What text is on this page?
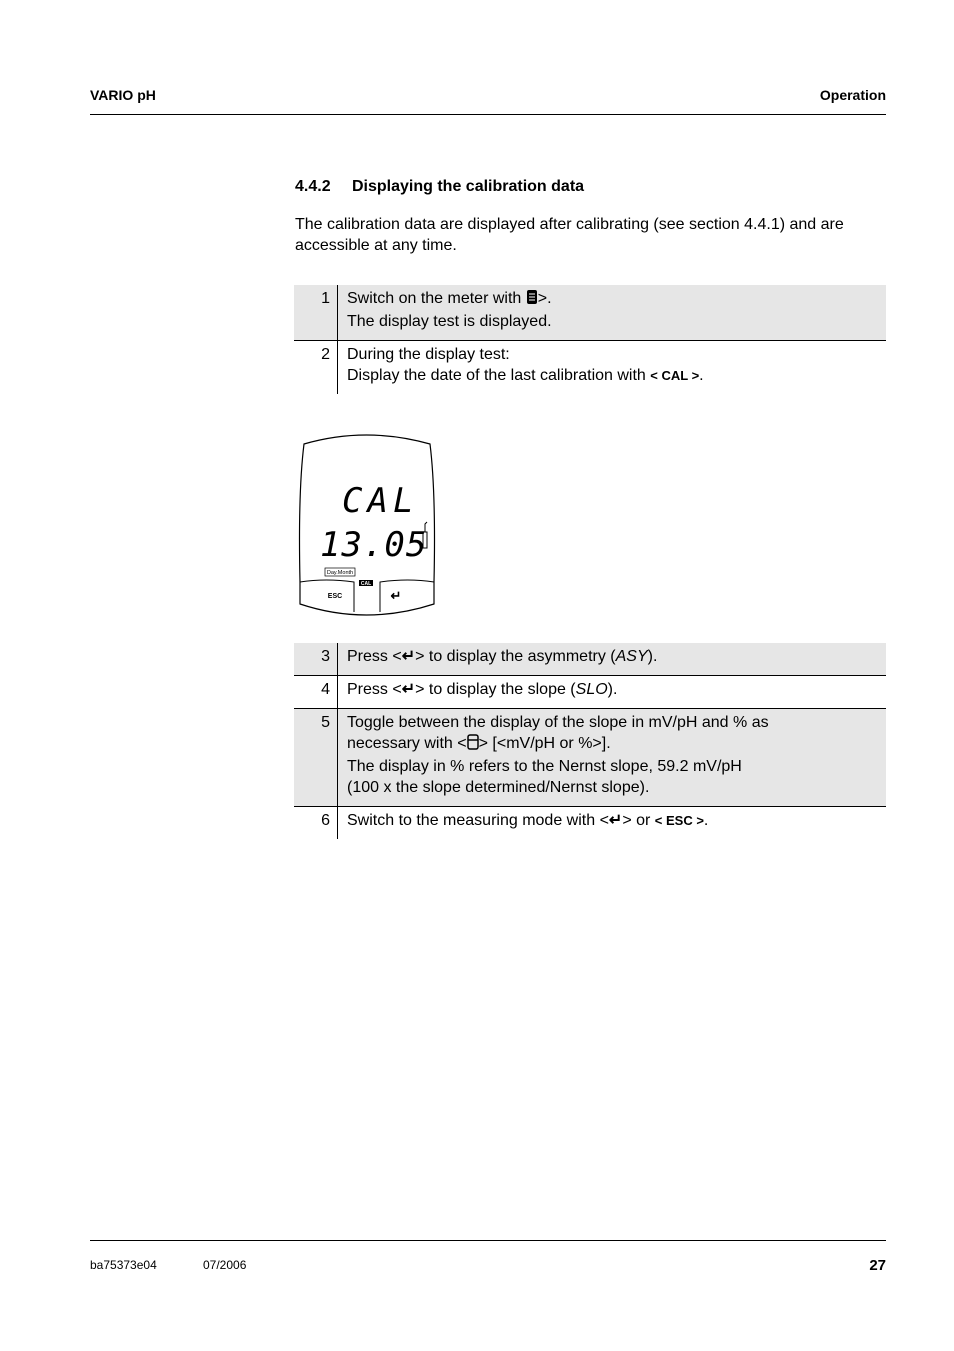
VARIO pH	Operation
4.4.2 Displaying the calibration data
The calibration data are displayed after calibrating (see section 4.4.1) and are accessible at any time.
1	Switch on the meter with >.
The display test is displayed.
2	During the display test:
Display the date of the last calibration with < CAL >.
CAL
13.05
Day.Month
CAL
ESC	↵
3	Press <↵> to display the asymmetry (ASY).
4	Press <↵> to display the slope (SLO).
5	Toggle between the display of the slope in mV/pH and % as
necessary with < > [<mV/pH or %>].
The display in % refers to the Nernst slope, 59.2 mV/pH
(100 x the slope determined/Nernst slope).
6	Switch to the measuring mode with <↵> or < ESC >.
ba75373e04	07/2006	27
